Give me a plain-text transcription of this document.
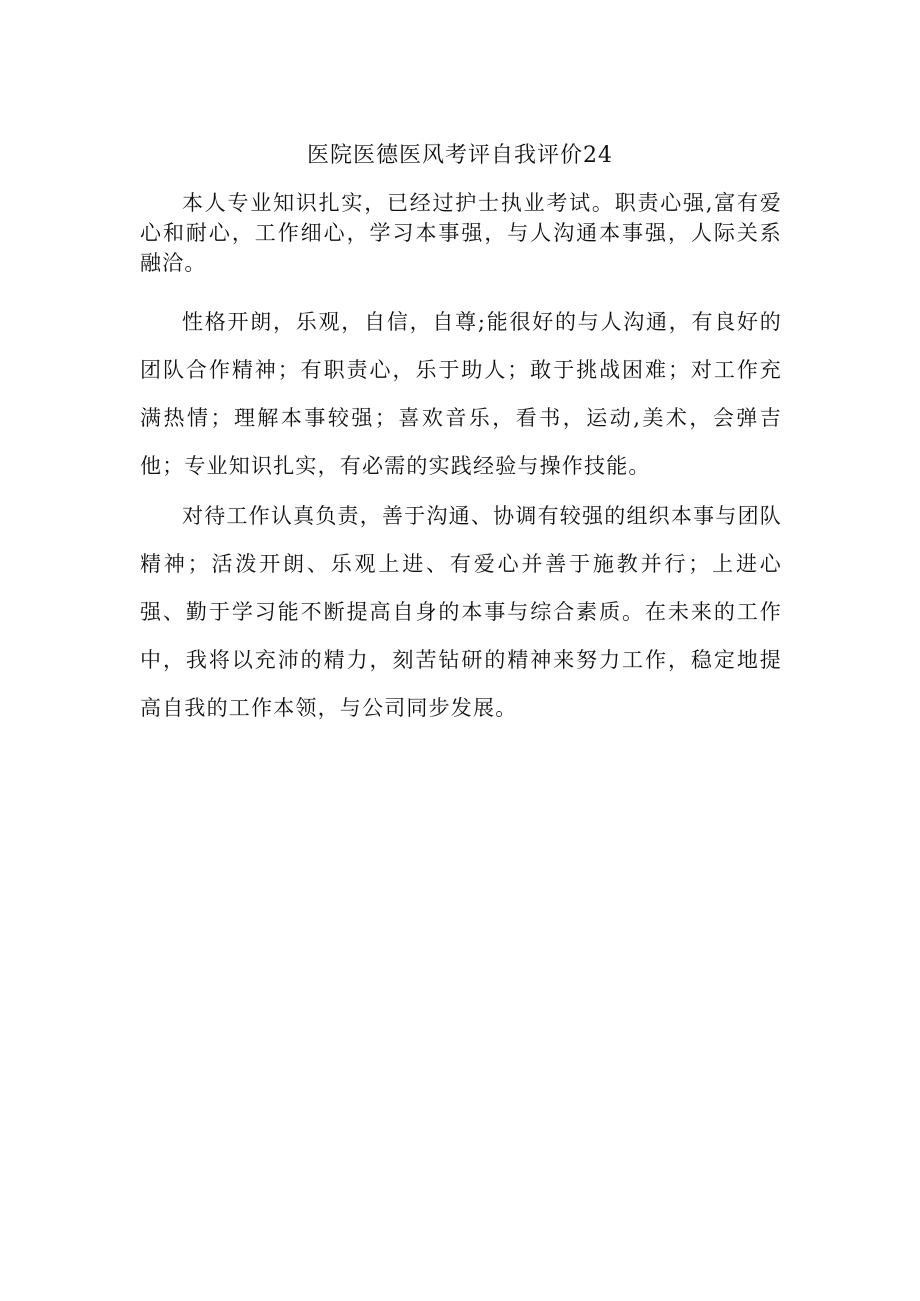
医院医德医风考评自我评价24

本人专业知识扎实，已经过护士执业考试。职责心强,富有爱心和耐心，工作细心，学习本事强，与人沟通本事强，人际关系融洽。

性格开朗，乐观，自信，自尊;能很好的与人沟通，有良好的团队合作精神；有职责心，乐于助人；敢于挑战困难；对工作充满热情；理解本事较强；喜欢音乐，看书，运动,美术，会弹吉他；专业知识扎实，有必需的实践经验与操作技能。

对待工作认真负责，善于沟通、协调有较强的组织本事与团队精神；活泼开朗、乐观上进、有爱心并善于施教并行；上进心强、勤于学习能不断提高自身的本事与综合素质。在未来的工作中，我将以充沛的精力，刻苦钻研的精神来努力工作，稳定地提高自我的工作本领，与公司同步发展。
